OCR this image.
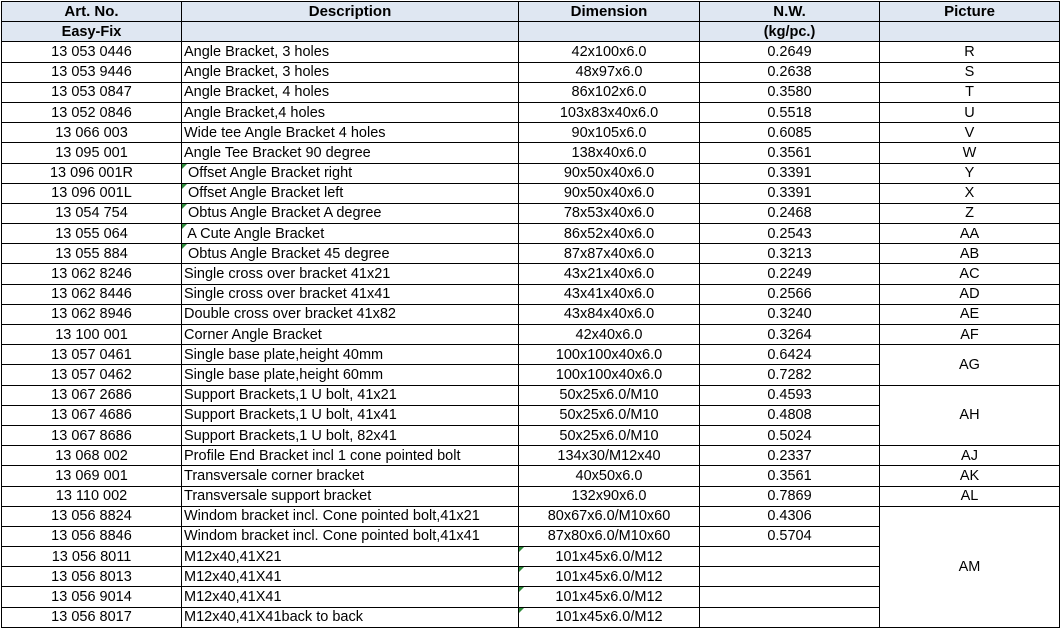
Art. No.	Description	Dimension	N.W.	Picture
Easy-Fix			(kg/pc.)	
13 053 0446	Angle Bracket, 3 holes	42x100x6.0	0.2649	R
13 053 9446	Angle Bracket, 3 holes	48x97x6.0	0.2638	S
13 053 0847	Angle Bracket, 4 holes	86x102x6.0	0.3580	T
13 052 0846	Angle Bracket,4 holes	103x83x40x6.0	0.5518	U
13 066 003	Wide tee Angle Bracket 4 holes	90x105x6.0	0.6085	V
13 095 001	Angle Tee Bracket 90 degree	138x40x6.0	0.3561	W
13 096 001R	Offset Angle Bracket right	90x50x40x6.0	0.3391	Y
13 096 001L	Offset Angle Bracket left	90x50x40x6.0	0.3391	X
13 054 754	Obtus Angle Bracket A degree	78x53x40x6.0	0.2468	Z
13 055 064	A Cute Angle Bracket	86x52x40x6.0	0.2543	AA
13 055 884	Obtus Angle Bracket 45 degree	87x87x40x6.0	0.3213	AB
13 062 8246	Single cross over bracket 41x21	43x21x40x6.0	0.2249	AC
13 062 8446	Single cross over bracket 41x41	43x41x40x6.0	0.2566	AD
13 062 8946	Double cross over bracket 41x82	43x84x40x6.0	0.3240	AE
13 100 001	Corner Angle Bracket	42x40x6.0	0.3264	AF
13 057 0461	Single base plate,height 40mm	100x100x40x6.0	0.6424	AG
13 057 0462	Single base plate,height 60mm	100x100x40x6.0	0.7282	
13 067 2686	Support Brackets,1 U bolt, 41x21	50x25x6.0/M10	0.4593	AH
13 067 4686	Support Brackets,1 U bolt, 41x41	50x25x6.0/M10	0.4808	
13 067 8686	Support Brackets,1 U bolt, 82x41	50x25x6.0/M10	0.5024	
13 068 002	Profile End Bracket incl 1 cone pointed bolt	134x30/M12x40	0.2337	AJ
13 069 001	Transversale corner bracket	40x50x6.0	0.3561	AK
13 110 002	Transversale support bracket	132x90x6.0	0.7869	AL
13 056 8824	Windom bracket incl. Cone pointed bolt,41x21	80x67x6.0/M10x60	0.4306	AM
13 056 8846	Windom bracket incl. Cone pointed bolt,41x41	87x80x6.0/M10x60	0.5704	
13 056 8011	M12x40,41X21	101x45x6.0/M12	

13 056 8013	M12x40,41X41	101x45x6.0/M12	

13 056 9014	M12x40,41X41	101x45x6.0/M12	

13 056 8017	M12x40,41X41back to back	101x45x6.0/M12	
